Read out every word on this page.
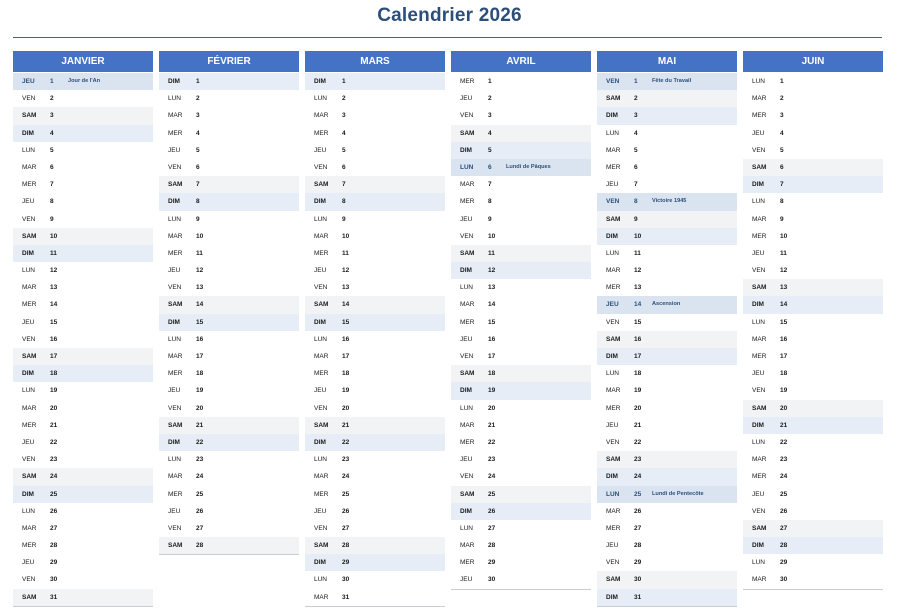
Calendrier 2026
JANVIER
JEU 1	Jour de l'An
VEN 2
SAM 3
DIM 4
LUN 5
MAR 6
MER 7
JEU 8
VEN 9
SAM 10
DIM 11
LUN 12
MAR 13
MER 14
JEU 15
VEN 16
SAM 17
DIM 18
LUN 19
MAR 20
MER 21
JEU 22
VEN 23
SAM 24
DIM 25
LUN 26
MAR 27
MER 28
JEU 29
VEN 30
SAM 31
FÉVRIER
DIM 1
LUN 2
MAR 3
MER 4
JEU 5
VEN 6
SAM 7
DIM 8
LUN 9
MAR 10
MER 11
JEU 12
VEN 13
SAM 14
DIM 15
LUN 16
MAR 17
MER 18
JEU 19
VEN 20
SAM 21
DIM 22
LUN 23
MAR 24
MER 25
JEU 26
VEN 27
SAM 28
MARS
DIM 1
LUN 2
MAR 3
MER 4
JEU 5
VEN 6
SAM 7
DIM 8
LUN 9
MAR 10
MER 11
JEU 12
VEN 13
SAM 14
DIM 15
LUN 16
MAR 17
MER 18
JEU 19
VEN 20
SAM 21
DIM 22
LUN 23
MAR 24
MER 25
JEU 26
VEN 27
SAM 28
DIM 29
LUN 30
MAR 31
AVRIL
MER 1
JEU 2
VEN 3
SAM 4
DIM 5
LUN 6	Lundi de Pâques
MAR 7
MER 8
JEU 9
VEN 10
SAM 11
DIM 12
LUN 13
MAR 14
MER 15
JEU 16
VEN 17
SAM 18
DIM 19
LUN 20
MAR 21
MER 22
JEU 23
VEN 24
SAM 25
DIM 26
LUN 27
MAR 28
MER 29
JEU 30
MAI
VEN 1	Fête du Travail
SAM 2
DIM 3
LUN 4
MAR 5
MER 6
JEU 7
VEN 8	Victoire 1945
SAM 9
DIM 10
LUN 11
MAR 12
MER 13
JEU 14 Ascension
VEN 15
SAM 16
DIM 17
LUN 18
MAR 19
MER 20
JEU 21
VEN 22
SAM 23
DIM 24
LUN 25 Lundi de Pentecôte
MAR 26
MER 27
JEU 28
VEN 29
SAM 30
DIM 31
JUIN
LUN 1
MAR 2
MER 3
JEU 4
VEN 5
SAM 6
DIM 7
LUN 8
MAR 9
MER 10
JEU 11
VEN 12
SAM 13
DIM 14
LUN 15
MAR 16
MER 17
JEU 18
VEN 19
SAM 20
DIM 21
LUN 22
MAR 23
MER 24
JEU 25
VEN 26
SAM 27
DIM 28
LUN 29
MAR 30
